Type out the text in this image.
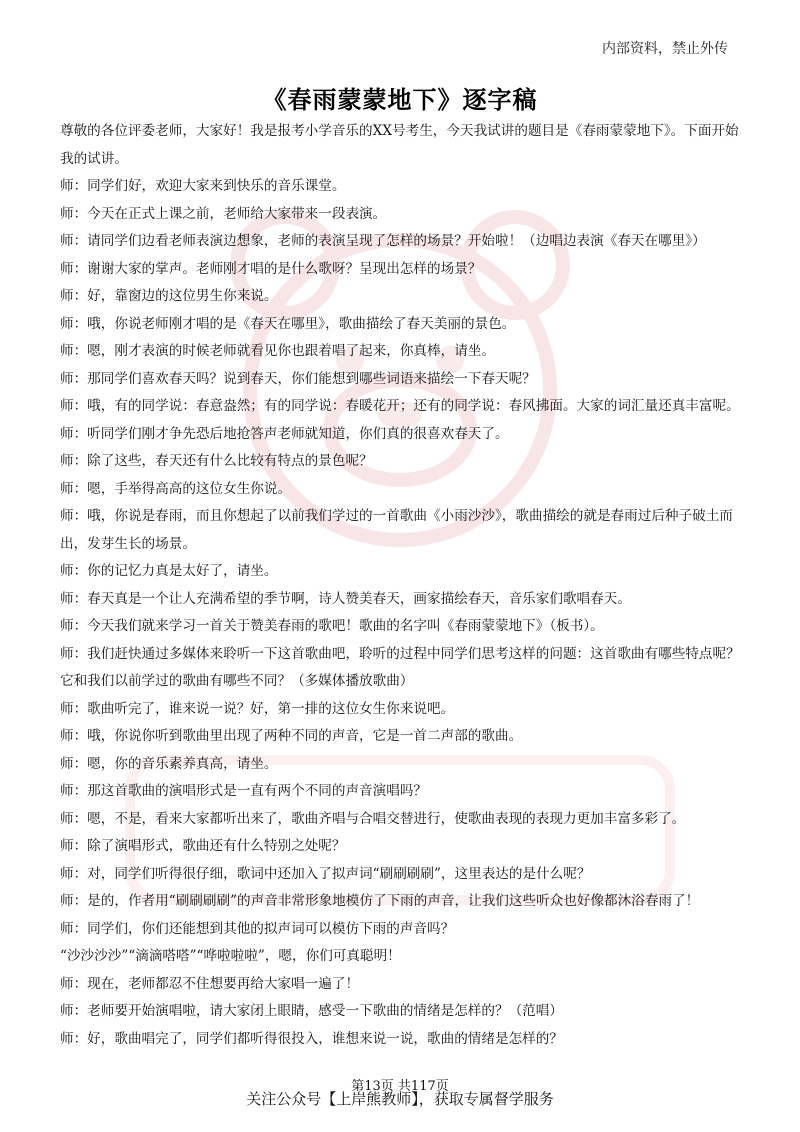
内部资料，禁止外传
《春雨蒙蒙地下》逐字稿

尊敬的各位评委老师，大家好！我是报考小学音乐的XX号考生，今天我试讲的题目是《春雨蒙蒙地下》。下面开始我的试讲。

师：同学们好，欢迎大家来到快乐的音乐课堂。

师：今天在正式上课之前，老师给大家带来一段表演。

师：请同学们边看老师表演边想象，老师的表演呈现了怎样的场景？开始啦！（边唱边表演《春天在哪里》）

师：谢谢大家的掌声。老师刚才唱的是什么歌呀？呈现出怎样的场景？

师：好，靠窗边的这位男生你来说。

师：哦，你说老师刚才唱的是《春天在哪里》，歌曲描绘了春天美丽的景色。

师：嗯，刚才表演的时候老师就看见你也跟着唱了起来，你真棒，请坐。

师：那同学们喜欢春天吗？说到春天，你们能想到哪些词语来描绘一下春天呢？

师：哦，有的同学说：春意盎然；有的同学说：春暖花开；还有的同学说：春风拂面。大家的词汇量还真丰富呢。

师：听同学们刚才争先恐后地抢答声老师就知道，你们真的很喜欢春天了。

师：除了这些，春天还有什么比较有特点的景色呢？

师：嗯，手举得高高的这位女生你说。

师：哦，你说是春雨，而且你想起了以前我们学过的一首歌曲《小雨沙沙》，歌曲描绘的就是春雨过后种子破土而出，发芽生长的场景。

师：你的记忆力真是太好了，请坐。

师：春天真是一个让人充满希望的季节啊，诗人赞美春天，画家描绘春天，音乐家们歌唱春天。

师：今天我们就来学习一首关于赞美春雨的歌吧！歌曲的名字叫《春雨蒙蒙地下》（板书）。

师：我们赶快通过多媒体来聆听一下这首歌曲吧，聆听的过程中同学们思考这样的问题：这首歌曲有哪些特点呢？它和我们以前学过的歌曲有哪些不同？（多媒体播放歌曲）

师：歌曲听完了，谁来说一说？好，第一排的这位女生你来说吧。

师：哦，你说你听到歌曲里出现了两种不同的声音，它是一首二声部的歌曲。

师：嗯，你的音乐素养真高，请坐。

师：那这首歌曲的演唱形式是一直有两个不同的声音演唱吗？

师：嗯，不是，看来大家都听出来了，歌曲齐唱与合唱交替进行，使歌曲表现的表现力更加丰富多彩了。

师：除了演唱形式，歌曲还有什么特别之处呢？

师：对，同学们听得很仔细，歌词中还加入了拟声词“刷刷刷刷”，这里表达的是什么呢？

师：是的，作者用“刷刷刷刷”的声音非常形象地模仿了下雨的声音，让我们这些听众也好像都沐浴春雨了！

师：同学们，你们还能想到其他的拟声词可以模仿下雨的声音吗？

“沙沙沙沙”“滴滴嗒嗒”“哗啦啦啦”，嗯，你们可真聪明！

师：现在，老师都忍不住想要再给大家唱一遍了！

师：老师要开始演唱啦，请大家闭上眼睛，感受一下歌曲的情绪是怎样的？（范唱）

师：好，歌曲唱完了，同学们都听得很投入，谁想来说一说，歌曲的情绪是怎样的？

第13页 共117页
关注公众号【上岸熊教师】，获取专属督学服务
